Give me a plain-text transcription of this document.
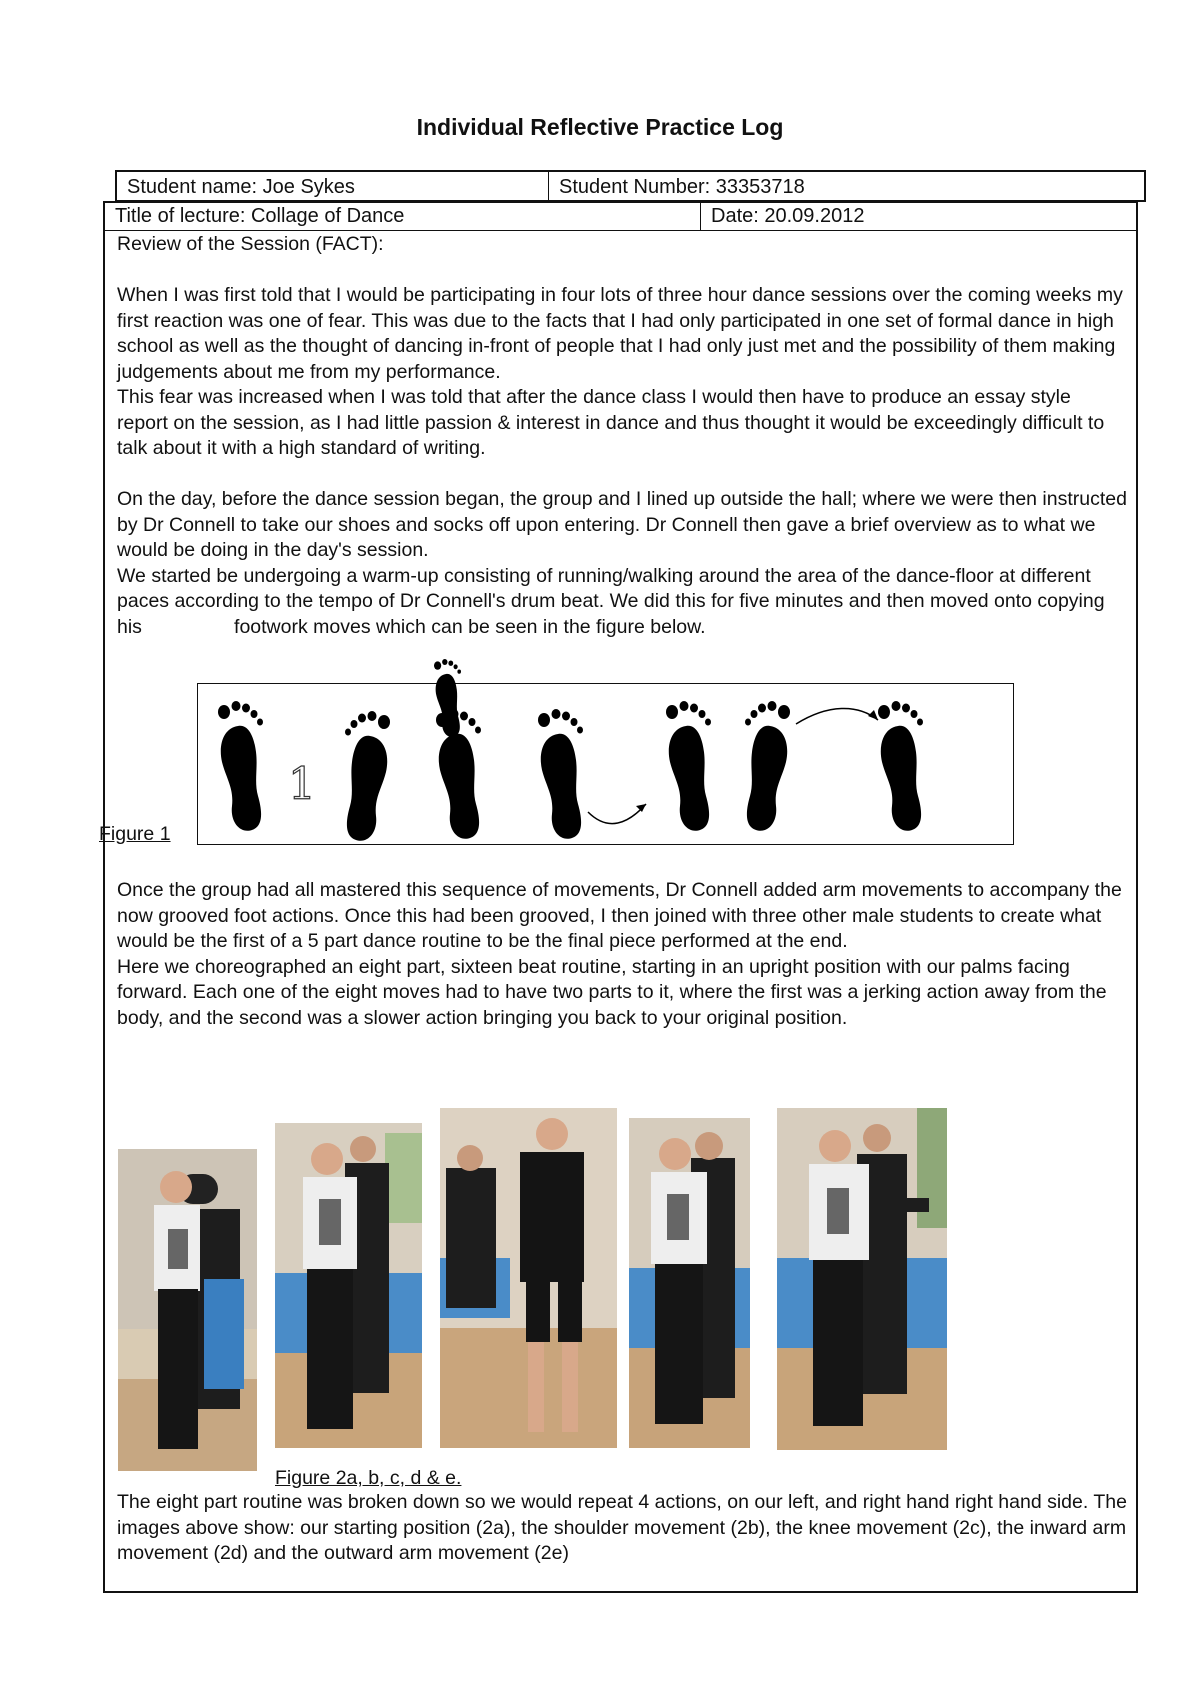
Individual Reflective Practice Log
Student name: Joe Sykes	Student Number: 33353718
Title of lecture: Collage of Dance	Date: 20.09.2012

Review of the Session (FACT):

When I was first told that I would be participating in four lots of three hour dance sessions over the coming weeks my first reaction was one of fear. This was due to the facts that I had only participated in one set of formal dance in high school as well as the thought of dancing in-front of people that I had only just met and the possibility of them making judgements about me from my performance.

This fear was increased when I was told that after the dance class I would then have to produce an essay style report on the session, as I had little passion & interest in dance and thus thought it would be exceedingly difficult to talk about it with a high standard of writing.

On the day, before the dance session began, the group and I lined up outside the hall; where we were then instructed by Dr Connell to take our shoes and socks off upon entering. Dr Connell then gave a brief overview as to what we would be doing in the day's session.

We started be undergoing a warm-up consisting of running/walking around the area of the dance-floor at different paces according to the tempo of Dr Connell's drum beat. We did this for five minutes and then moved onto copying his                 footwork moves which can be seen in the figure below.

1
Figure 1

Once the group had all mastered this sequence of movements, Dr Connell added arm movements to accompany the now grooved foot actions. Once this had been grooved, I then joined with three other male students to create what would be the first of a 5 part dance routine to be the final piece performed at the end.

Here we choreographed an eight part, sixteen beat routine, starting in an upright position with our palms facing forward. Each one of the eight moves had to have two parts to it, where the first was a jerking action away from the body, and the second was a slower action bringing you back to your original position.

Figure 2a, b, c, d & e.

The eight part routine was broken down so we would repeat 4 actions, on our left, and right hand right hand side. The images above show: our starting position (2a), the shoulder movement (2b), the knee movement (2c), the inward arm movement (2d) and the outward arm movement (2e)
